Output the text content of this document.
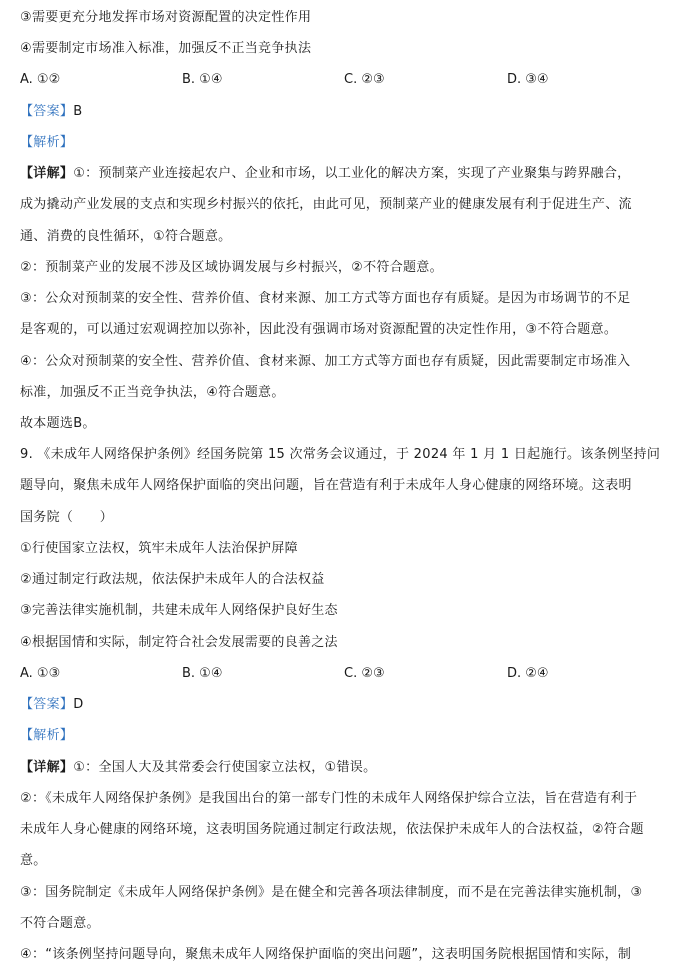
③需要更充分地发挥市场对资源配置的决定性作用
④需要制定市场准入标准，加强反不正当竞争执法
A. ①②	B. ①④	C. ②③	D. ③④
【答案】B
【解析】
【详解】①：预制菜产业连接起农户、企业和市场，以工业化的解决方案，实现了产业聚集与跨界融合，
成为撬动产业发展的支点和实现乡村振兴的依托，由此可见，预制菜产业的健康发展有利于促进生产、流
通、消费的良性循环，①符合题意。
②：预制菜产业的发展不涉及区域协调发展与乡村振兴，②不符合题意。
③：公众对预制菜的安全性、营养价值、食材来源、加工方式等方面也存有质疑。是因为市场调节的不足
是客观的，可以通过宏观调控加以弥补，因此没有强调市场对资源配置的决定性作用，③不符合题意。
④：公众对预制菜的安全性、营养价值、食材来源、加工方式等方面也存有质疑，因此需要制定市场准入
标准，加强反不正当竞争执法，④符合题意。
故本题选B。
9. 《未成年人网络保护条例》经国务院第 15 次常务会议通过，于 2024 年 1 月 1 日起施行。该条例坚持问
题导向，聚焦未成年人网络保护面临的突出问题，旨在营造有利于未成年人身心健康的网络环境。这表明
国务院（　　）
①行使国家立法权，筑牢未成年人法治保护屏障
②通过制定行政法规，依法保护未成年人的合法权益
③完善法律实施机制，共建未成年人网络保护良好生态
④根据国情和实际，制定符合社会发展需要的良善之法
A. ①③	B. ①④	C. ②③	D. ②④
【答案】D
【解析】
【详解】①：全国人大及其常委会行使国家立法权，①错误。
②：《未成年人网络保护条例》是我国出台的第一部专门性的未成年人网络保护综合立法，旨在营造有利于
未成年人身心健康的网络环境，这表明国务院通过制定行政法规，依法保护未成年人的合法权益，②符合题
意。
③：国务院制定《未成年人网络保护条例》是在健全和完善各项法律制度，而不是在完善法律实施机制，③
不符合题意。
④：“该条例坚持问题导向，聚焦未成年人网络保护面临的突出问题”，这表明国务院根据国情和实际，制
